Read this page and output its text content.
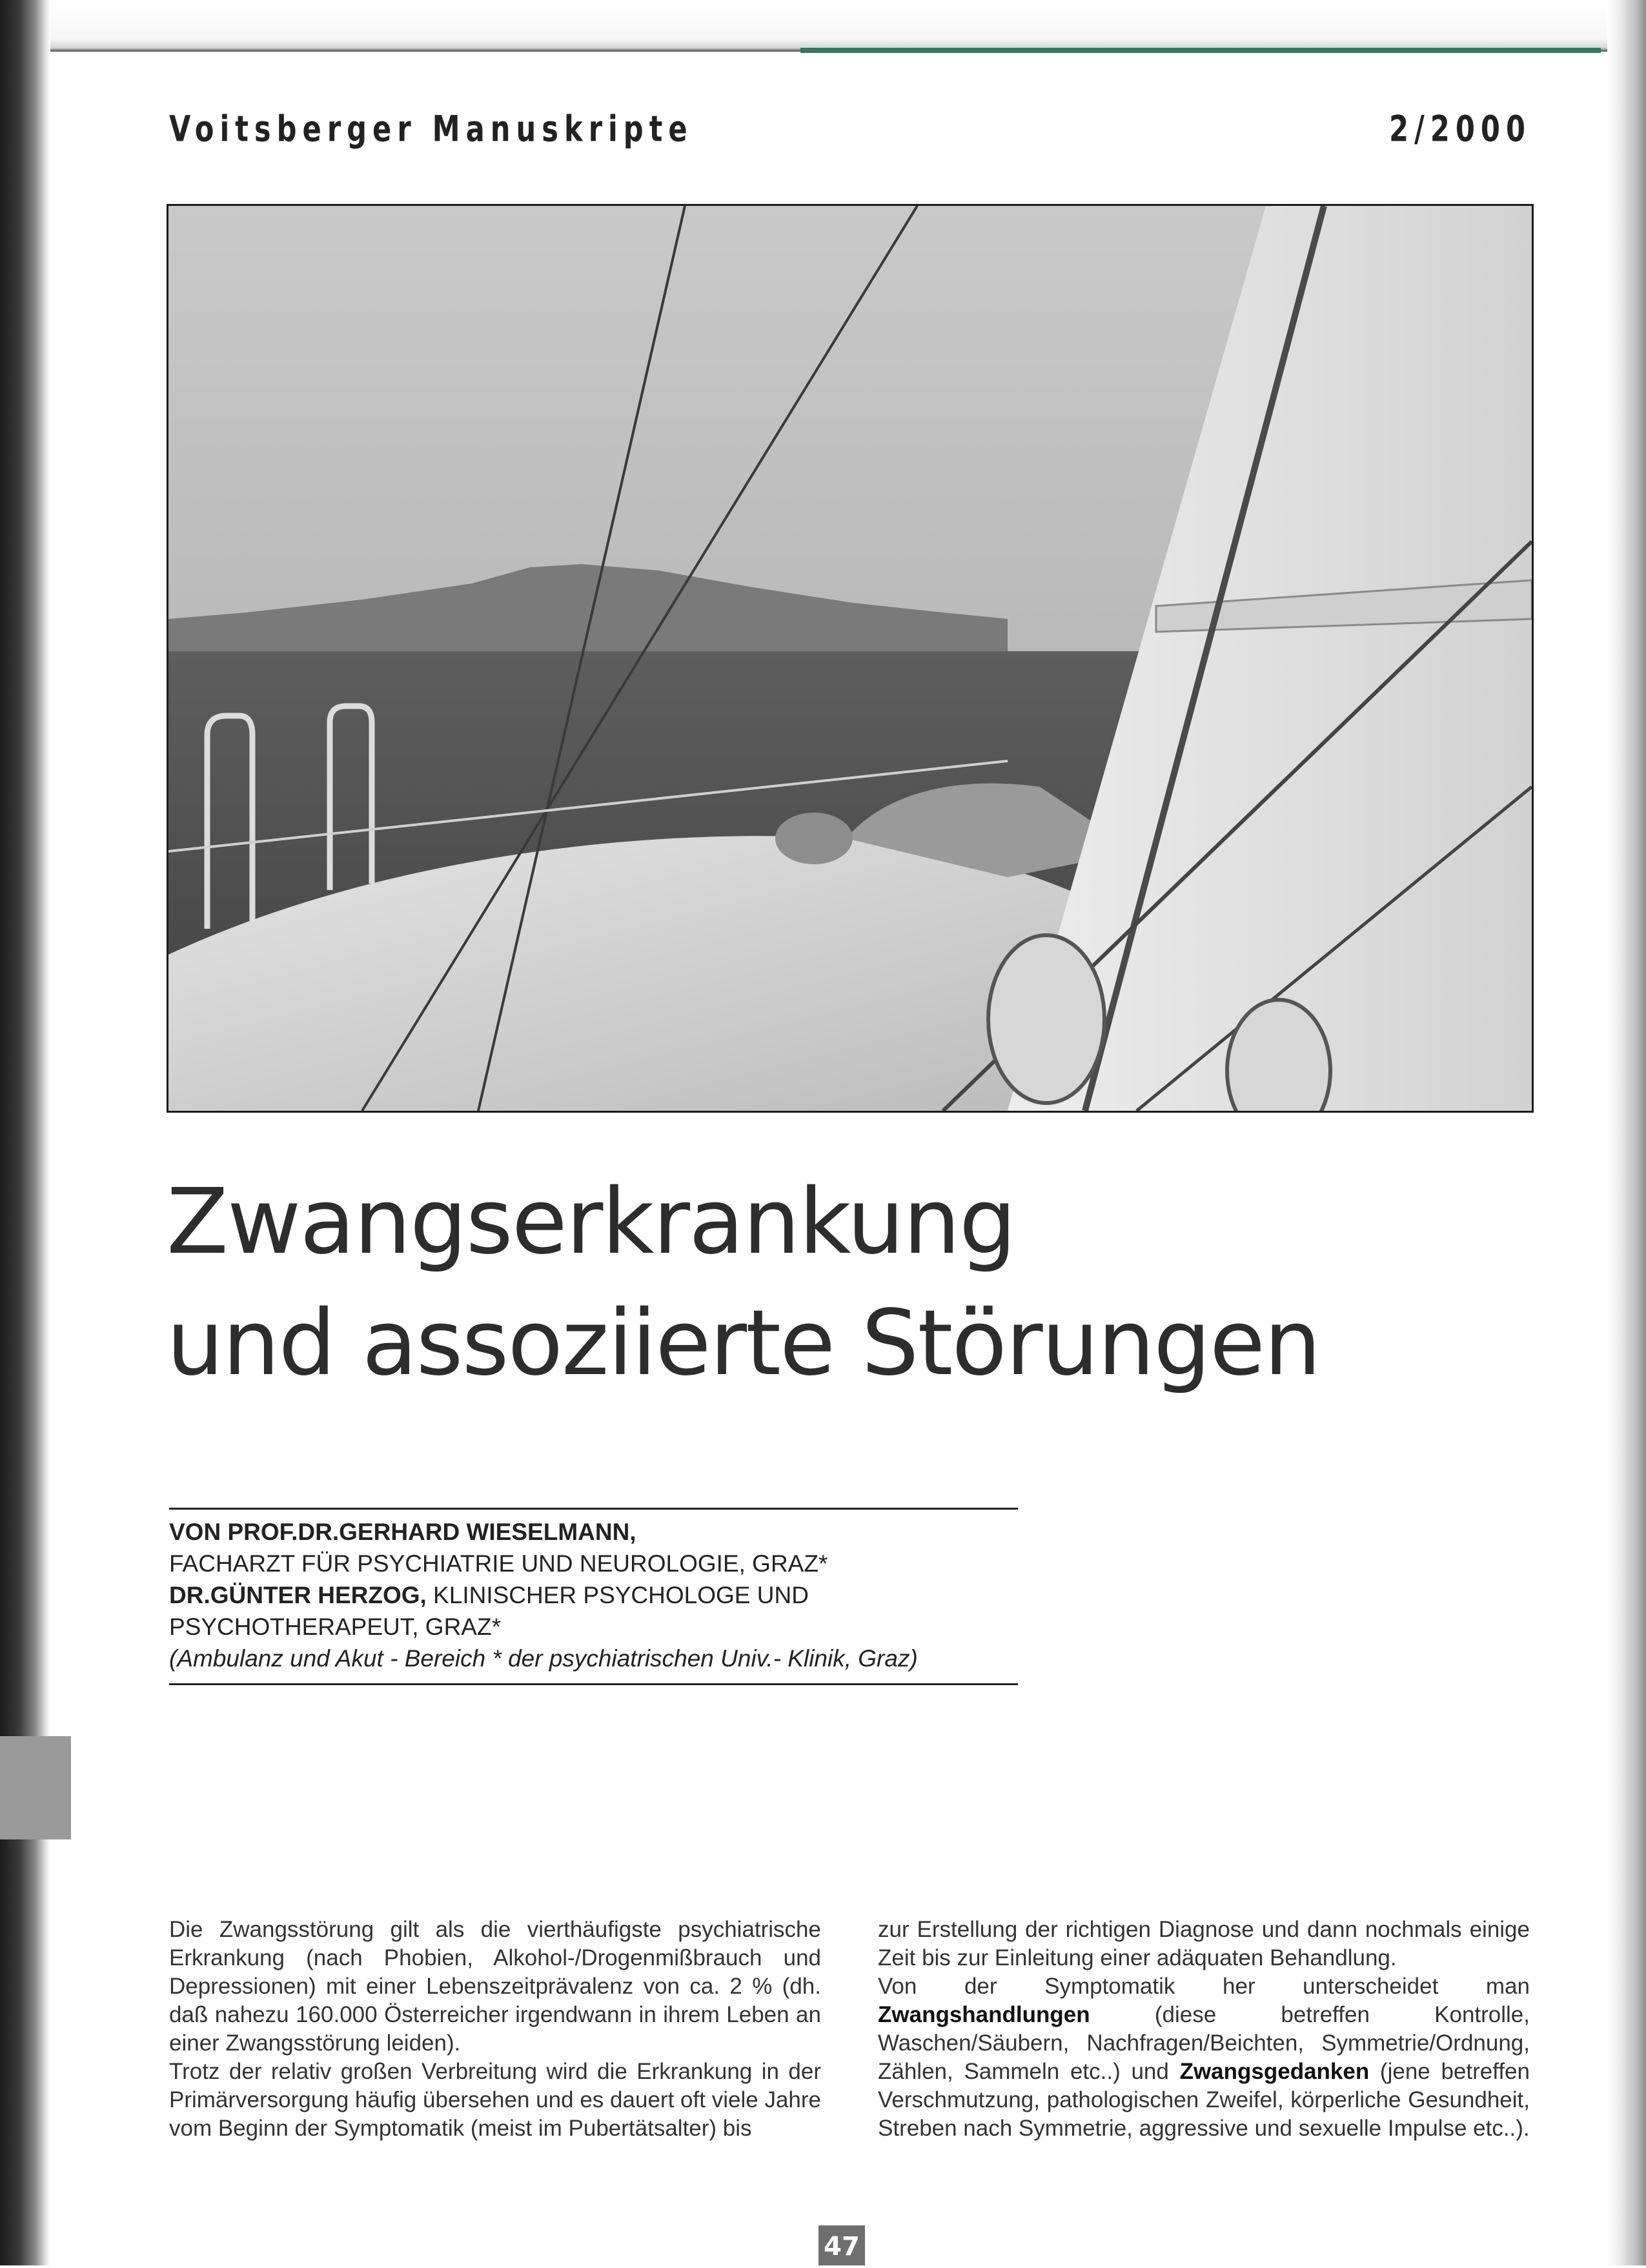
Voitsberger Manuskripte	2/2000
Zwangserkrankung
und assoziierte Störungen
VON PROF.DR.GERHARD WIESELMANN,
FACHARZT FÜR PSYCHIATRIE UND NEUROLOGIE, GRAZ*
DR.GÜNTER HERZOG, KLINISCHER PSYCHOLOGE UND
PSYCHOTHERAPEUT, GRAZ*
(Ambulanz und Akut - Bereich * der psychiatrischen Univ.- Klinik, Graz)

Die Zwangsstörung gilt als die vierthäufigste psychiatrische Erkrankung (nach Phobien, Alkohol-/Drogenmißbrauch und Depressionen) mit einer Lebenszeitprävalenz von ca. 2 % (dh. daß nahezu 160.000 Österreicher irgendwann in ihrem Leben an einer Zwangsstörung leiden).

Trotz der relativ großen Verbreitung wird die Erkrankung in der Primärversorgung häufig übersehen und es dauert oft viele Jahre vom Beginn der Symptomatik (meist im Pubertätsalter) bis

zur Erstellung der richtigen Diagnose und dann nochmals einige Zeit bis zur Einleitung einer adäquaten Behandlung.

Von der Symptomatik her unterscheidet man Zwangshandlungen (diese betreffen Kontrolle, Waschen/Säubern, Nachfragen/Beichten, Symmetrie/Ordnung, Zählen, Sammeln etc..) und Zwangsgedanken (jene betreffen Verschmutzung, pathologischen Zweifel, körperliche Gesundheit, Streben nach Symmetrie, aggressive und sexuelle Impulse etc..).

47
